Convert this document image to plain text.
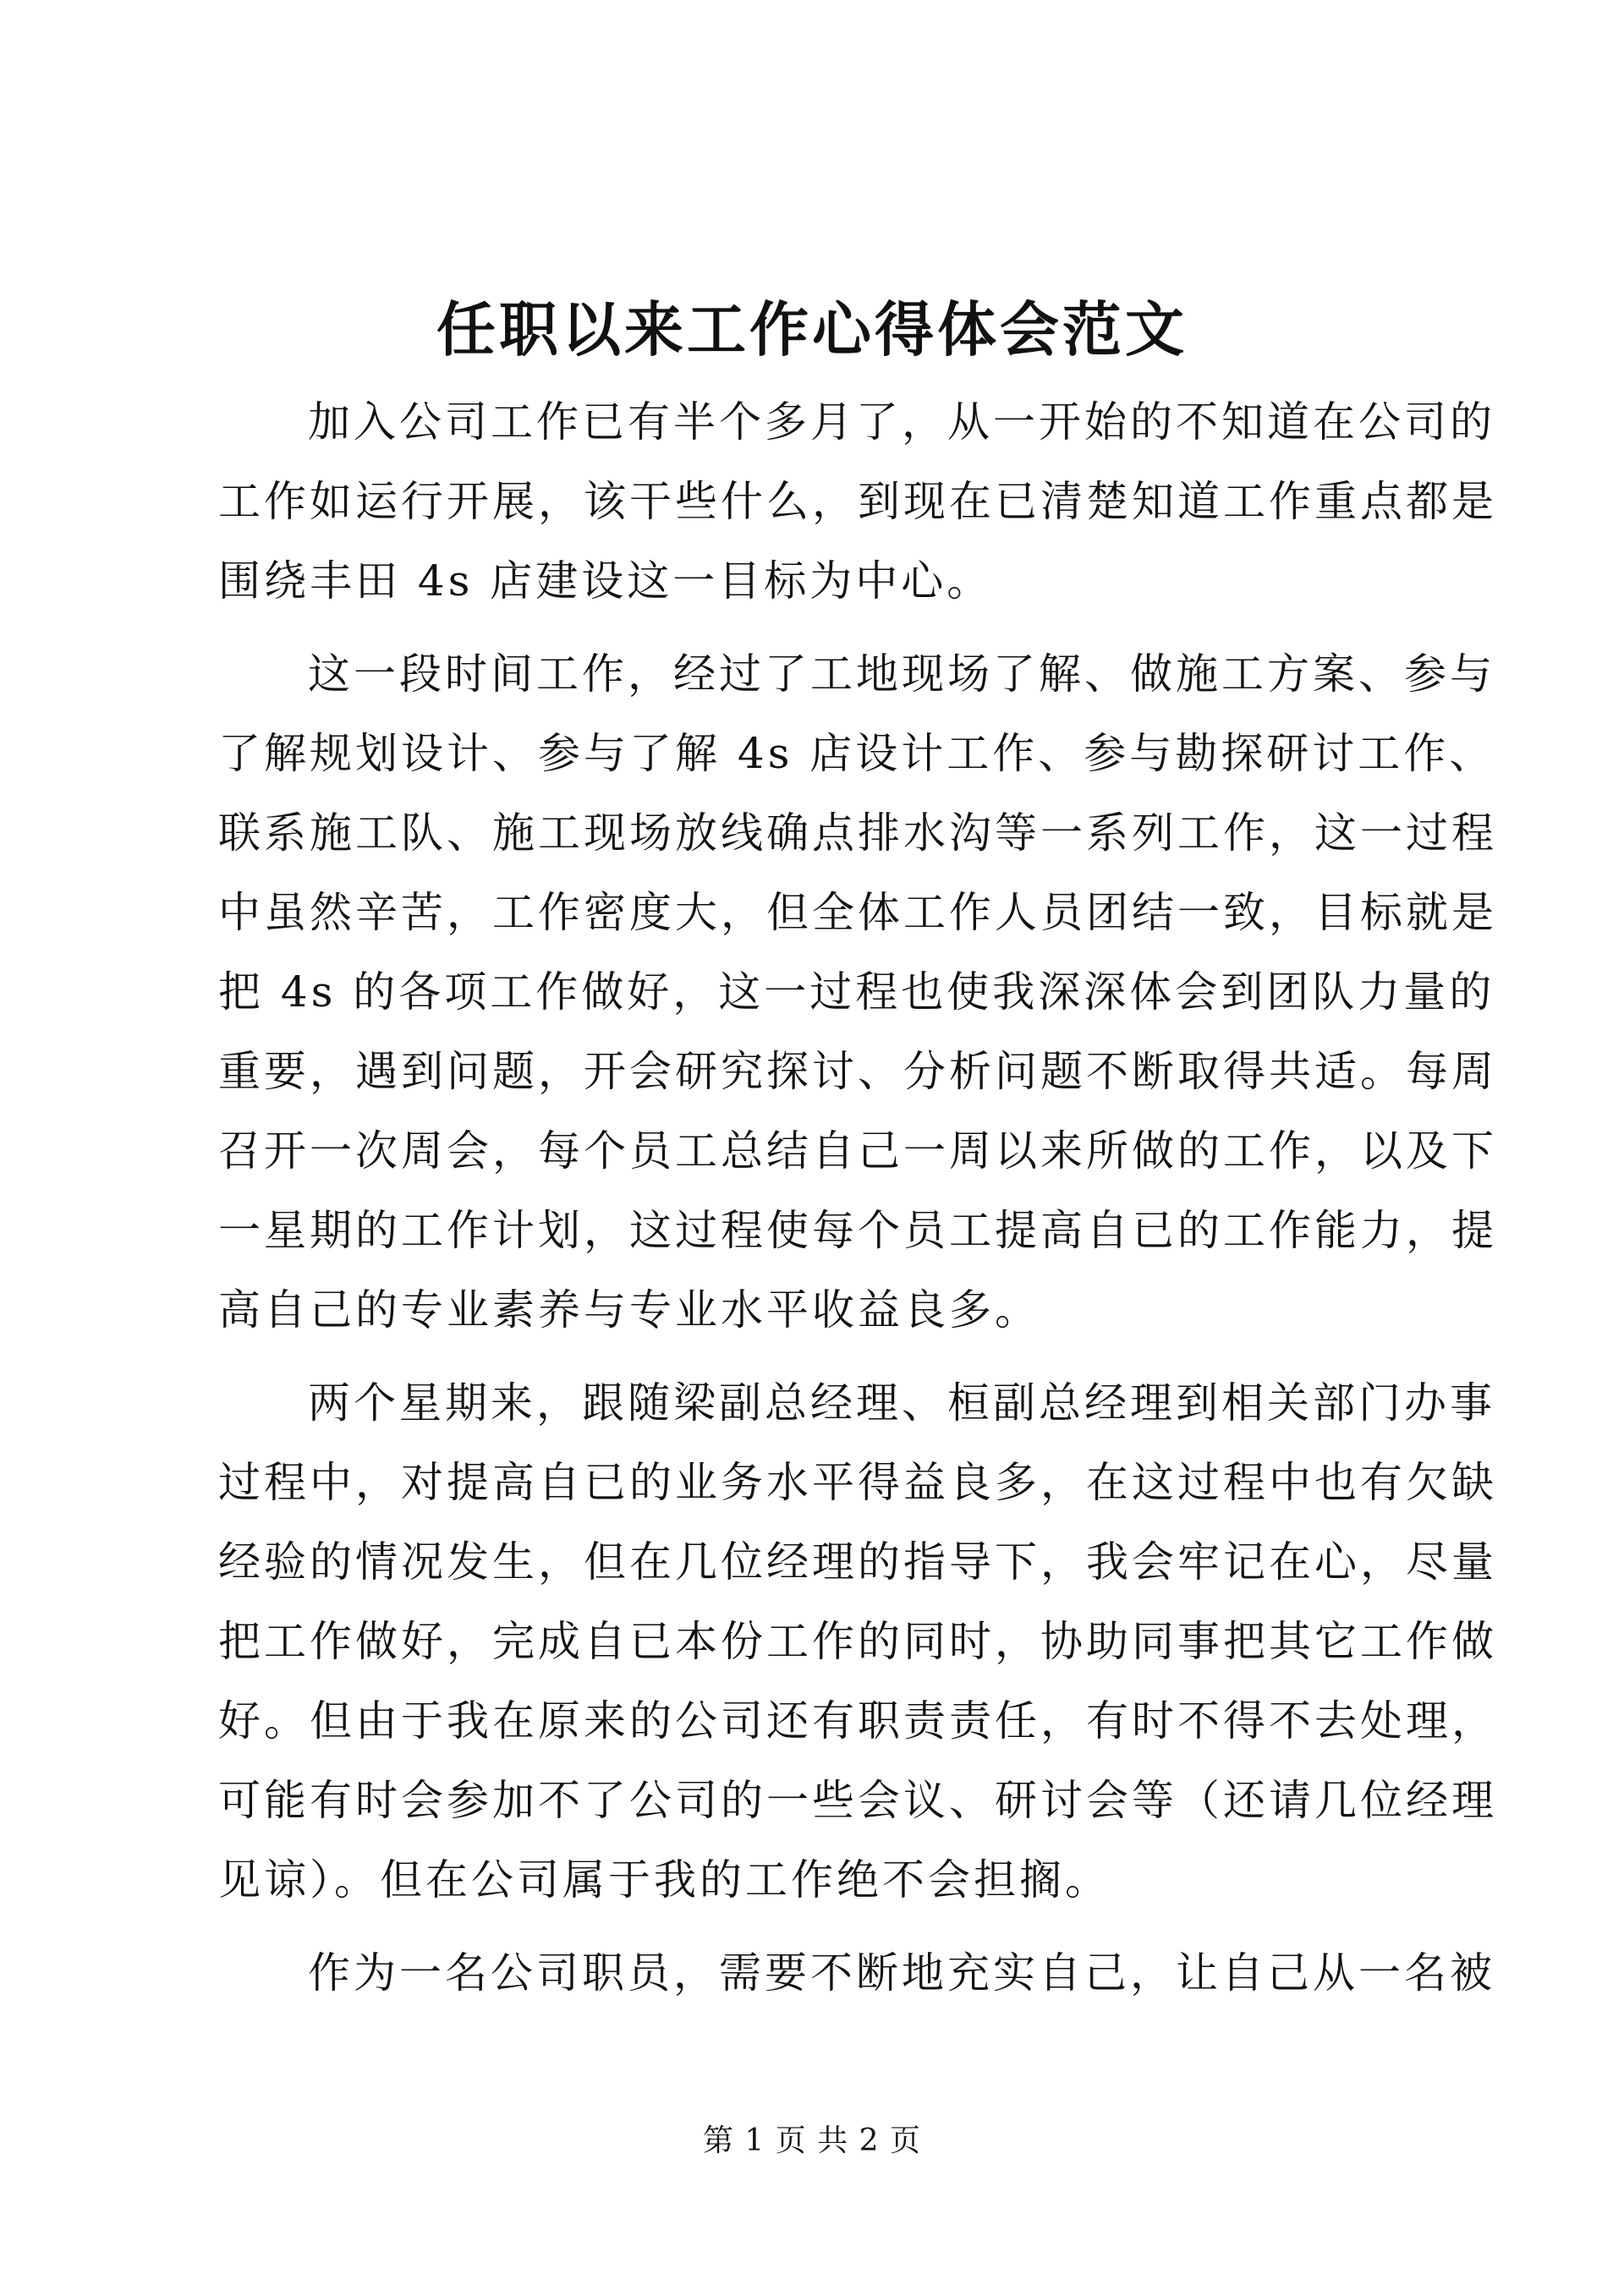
任职以来工作心得体会范文

加入公司工作已有半个多月了，从一开始的不知道在公司的
工作如运行开展，该干些什么，到现在已清楚知道工作重点都是
围绕丰田 4s 店建设这一目标为中心。

这一段时间工作，经过了工地现场了解、做施工方案、参与
了解规划设计、参与了解 4s 店设计工作、参与勘探研讨工作、
联系施工队、施工现场放线确点排水沟等一系列工作，这一过程
中虽然辛苦，工作密度大，但全体工作人员团结一致，目标就是
把 4s 的各项工作做好，这一过程也使我深深体会到团队力量的
重要，遇到问题，开会研究探讨、分析问题不断取得共适。每周
召开一次周会，每个员工总结自己一周以来所做的工作，以及下
一星期的工作计划，这过程使每个员工提高自已的工作能力，提
高自己的专业素养与专业水平收益良多。

两个星期来，跟随梁副总经理、桓副总经理到相关部门办事
过程中，对提高自已的业务水平得益良多，在这过程中也有欠缺
经验的情况发生，但在几位经理的指导下，我会牢记在心，尽量
把工作做好，完成自已本份工作的同时，协助同事把其它工作做
好。但由于我在原来的公司还有职责责任，有时不得不去处理，
可能有时会参加不了公司的一些会议、研讨会等（还请几位经理
见谅）。但在公司属于我的工作绝不会担搁。

作为一名公司职员，需要不断地充实自己，让自己从一名被

第 1 页 共 2 页
